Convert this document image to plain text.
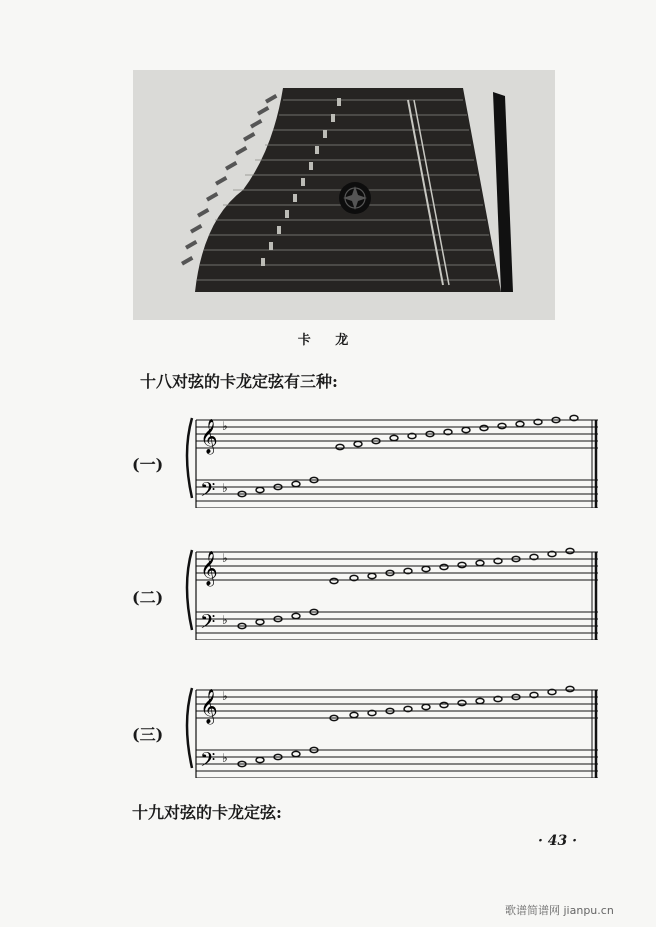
卡 龙
十八对弦的卡龙定弦有三种:
(一)
(二)
(三)
𝄞 ♭
𝄢 ♭
𝄞 ♭
𝄢 ♭
𝄞 ♭
𝄢 ♭
十九对弦的卡龙定弦:
· 43 ·
歌谱简谱网 jianpu.cn
